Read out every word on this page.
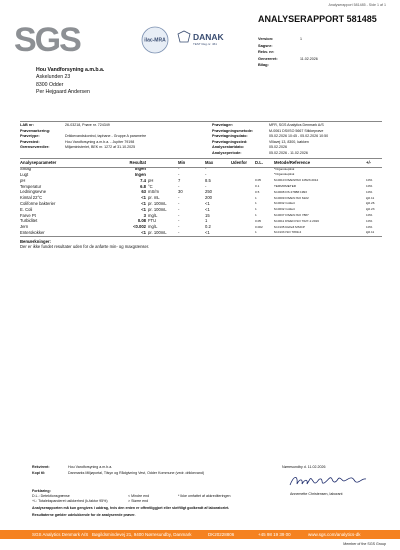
Analyserapport 581485 - Side 1 af 1
SGS	ilac-MRA	DANAK
TEST Reg.nr. 461
ANALYSERAPPORT 581485
Version:	1
Sagsnr:
Rekv. nr:
Genereret:	11.02.2026
Bilag:
Hou Vandforsyning a.m.b.a.
Askelunden 23
8300 Odder
Per Hejgaard Andersen
LAB nr:	26-03218, Prøve nr. 724349
Prøvemarkering:
Prøvetype:	Drikkevandskontrol, taphane - Gruppe A parametre
Prøvested:	Hou Vandforsyning a.m.b.a. - Jupiter 79198
Grænseværdier:	Miljøministeriet, BEK nr. 1272 af 31.10.2025
Prøvetager:	MFR, SGS Analytics Denmark A/S
Prøvetagningsmetode:	M-0061 DS/ISO 5667 Stikkeprøve
Prøvetagningsdato:	05.02.2026 10:45 - 05.02.2026 10:50
Prøvetagningssted:	Villavej 13, 8300, køkken
Analysestartdato:	05.02.2026
Analyseperiode:	05.02.2026 - 11.02.2026
Analyseparameter	Resultat		Min	Max	Udenfor	D.L.	Metode/Reference	+/-
Smag	Ingen		-	-			*Organoleptisk	
Lugt	Ingen		-	-			*Organoleptisk	
pH	7.4	pH	7	8.5		0.05	M-0010 DS/EN/ISO 10523:2012	10%
Temperatur	6.8	°C	-	-		0.1	TERMOMETER	10%
Ledningsevne	63	mS/m	30	250		0.5	M-0008 DS 27888:1993	10%
Kimtal 22°C	<1	pr. mL	-	200		1	M-0009 DS/EN ISO 6222	lg0.11
Coliforme bakterier	<1	pr. 100mL	-	<1		1	M-0032 Colilert	lg0.26
E. Coli	<1	pr. 100mL	-	<1		1	M-0032 Colilert	lg0.23
Farve Pt	3	mg/L	-	15		1	M-0037 DS/EN ISO 7887	10%
Turbiditet	0.08	FTU	-	1		0.05	M-0011 DS/EN ISO 7027-1:2016	10%
Jern	<0.002	mg/L	-	0.2		0.002	M-0135 Refleft MSICP	10%
Enterokokker	<1	pr. 100mL	-	<1		1	M-0133 ISO 7899-2	lg0.11
Bemærkninger:
Der er ikke fundet resultater uden for de anførte min- og maxgrænser.
Rekvirent:	Hou Vandforsyning a.m.b.a.
Kopi til:	Danmarks Miljøportal, Tilsyn og Rådgivning Vest, Odder Kommune (vedr. drikkevand)
Nørresundby d. 11.02.2026
Annemette Christensen, laborant
Forklaring:
D.L.: Detektionsgrænse
+/-: Totalekspanderet usikkerhed (k-faktor 95%)
< Mindre end
> Større end
* Ikke omfattet af akkrediteringen
Analyserapporten må kun gengives i uddrag, hvis den enten er offentliggjort eller skriftligt godkendt af laboratoriet.
Resultaterne gælder udelukkende for de analyserede prøver.
SGS Analytics Denmark A/S Bøgildsmindevej 21, 9400 Nørresundby, Danmark	DK20228806	+45 98 19 39 00	www.sgs.com/analytics-dk
Member of the SGS Group
